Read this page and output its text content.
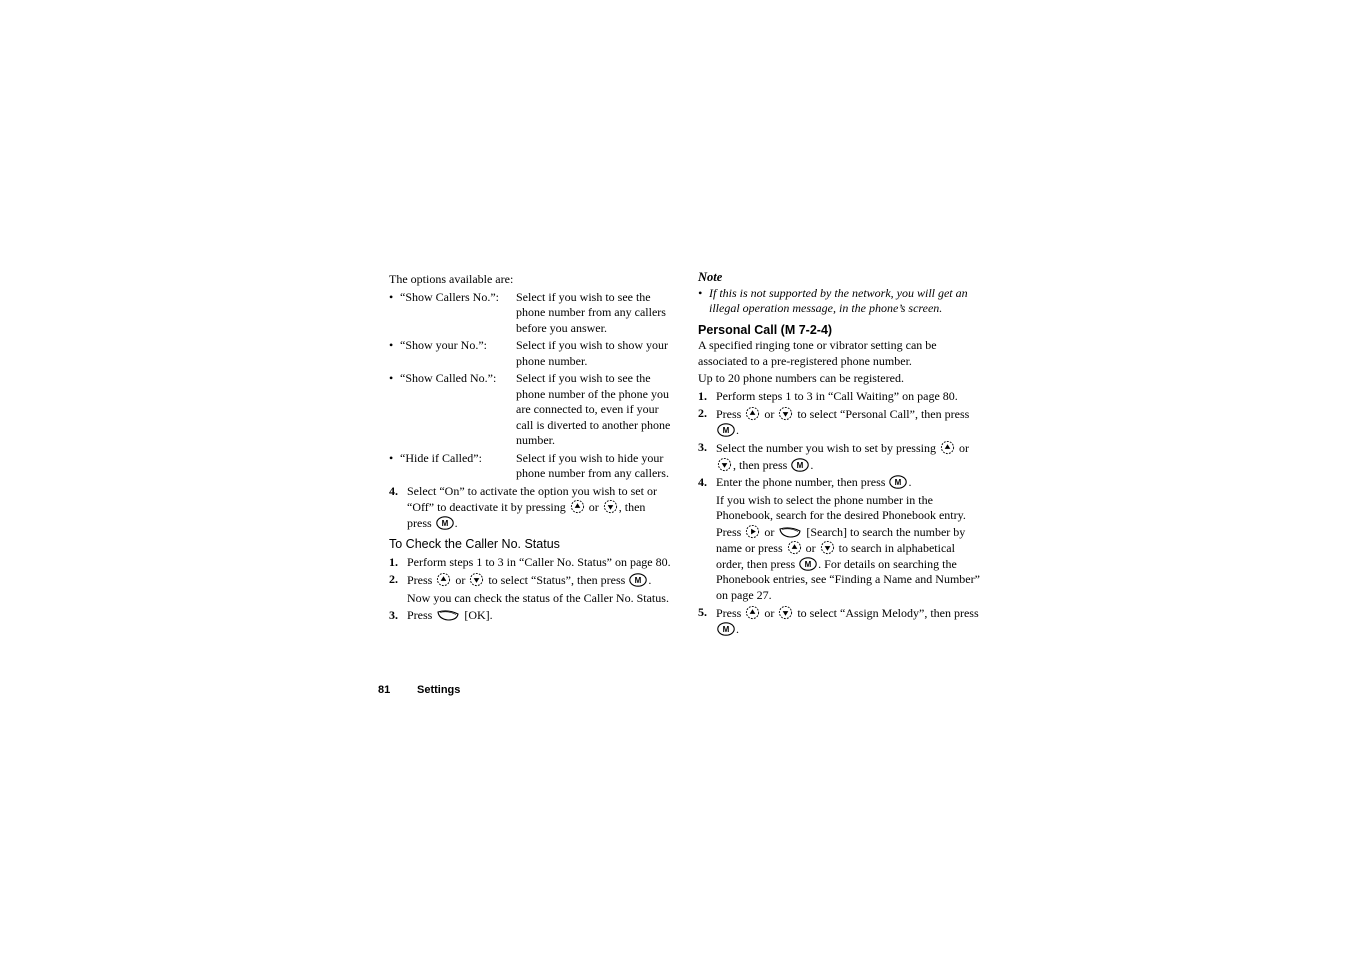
The options available are:

• “Show Callers No.”: Select if you wish to see the phone number from any callers before you answer.
• “Show your No.”: Select if you wish to show your phone number.
• “Show Called No.”: Select if you wish to see the phone number of the phone you are connected to, even if your call is diverted to another phone number.
• “Hide if Called”:	Select if you wish to hide your phone number from any callers.
4. Select “On” to activate the option you wish to set or “Off” to deactivate it by pressing or , then press .

To Check the Caller No. Status

1. Perform steps 1 to 3 in “Caller No. Status” on page 80.
2. Press or to select “Status”, then press .

Now you can check the status of the Caller No. Status.

3. Press	[OK].

Note

• If this is not supported by the network, you will get an illegal operation message, in the phone’s screen.

Personal Call (M 7-2-4)

A specified ringing tone or vibrator setting can be associated to a pre-registered phone number.

Up to 20 phone numbers can be registered.

1. Perform steps 1 to 3 in “Call Waiting” on page 80.
2. Press or to select “Personal Call”, then press .
3. Select the number you wish to set by pressing or , then press .
4. Enter the phone number, then press .

If you wish to select the phone number in the Phonebook, search for the desired Phonebook entry. Press or	[Search] to search the number by name or press or to search in alphabetical order, then press . For details on searching the Phonebook entries, see “Finding a Name and Number” on page 27.

5. Press or to select “Assign Melody”, then press .
81 Settings
